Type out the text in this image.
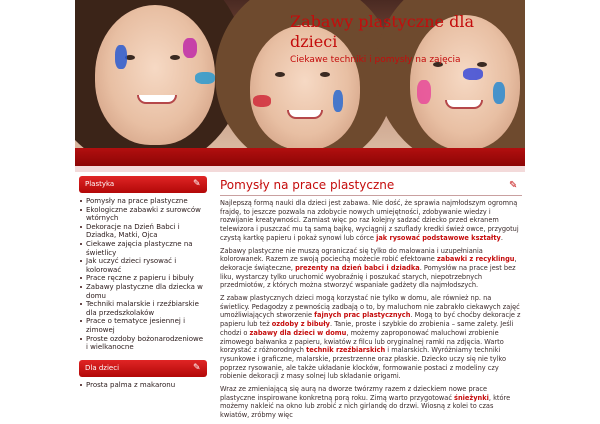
Zabawy plastyczne dla dzieci

Ciekawe techniki i pomysły na zajęcia

Plastyka	✎
Pomysły na prace plastyczne
Ekologiczne zabawki z surowców wtórnych
Dekoracje na Dzień Babci i Dziadka, Matki, Ojca
Ciekawe zajęcia plastyczne na świetlicy
Jak uczyć dzieci rysować i kolorować
Prace ręczne z papieru i bibuły
Zabawy plastyczne dla dziecka w domu
Techniki malarskie i rzeźbiarskie dla przedszkolaków
Prace o tematyce jesiennej i zimowej
Proste ozdoby bożonarodzeniowe i wielkanocne
Dla dzieci	✎
Prosta palma z makaronu
Pomysły na prace plastyczne	✎

Najlepszą formą nauki dla dzieci jest zabawa. Nie dość, że sprawia najmłodszym ogromną frajdę, to jeszcze pozwala na zdobycie nowych umiejętności, zdobywanie wiedzy i rozwijanie kreatywności. Zamiast więc po raz kolejny sadzać dziecko przed ekranem telewizora i puszczać mu tą samą bajkę, wyciągnij z szuflady kredki śwież owce, przygotuj czystą kartkę papieru i pokaż synowi lub córce jak rysować podstawowe kształty.

Zabawy plastyczne nie muszą ograniczać się tylko do malowania i uzupełniania kolorowanek. Razem ze swoją pociechą możecie robić efektowne zabawki z recyklingu, dekoracje świąteczne, prezenty na dzień babci i dziadka. Pomysłów na prace jest bez liku, wystarczy tylko uruchomić wyobraźnię i poszukać starych, niepotrzebnych przedmiotów, z których można stworzyć wspaniałe gadżety dla najmłodszych.

Z zabaw plastycznych dzieci mogą korzystać nie tylko w domu, ale również np. na świetlicy. Pedagodzy z pewnością zadbają o to, by maluchom nie zabrakło ciekawych zajęć umożliwiających stworzenie fajnych prac plastycznych. Mogą to być choćby dekoracje z papieru lub też ozdoby z bibuły. Tanie, proste i szybkie do zrobienia – same zalety. Jeśli chodzi o zabawy dla dzieci w domu, możemy zaproponować maluchowi zrobienie zimowego bałwanka z papieru, kwiatów z filcu lub oryginalnej ramki na zdjęcia. Warto korzystać z różnorodnych technik rzeźbiarskich i malarskich. Wyróżniamy techniki rysunkowe i graficzne, malarskie, przestrzenne oraz płaskie. Dziecko uczy się nie tylko poprzez rysowanie, ale także układanie klocków, formowanie postaci z modeliny czy robienie dekoracji z masy solnej lub składanie origami.

Wraz ze zmieniającą się aurą na dworze twórzmy razem z dzieckiem nowe prace plastyczne inspirowane konkretną porą roku. Zimą warto przygotować śnieżynki, które możemy nakleić na okno lub zrobić z nich girlandę do drzwi. Wiosną z kolei to czas kwiatów, zróbmy więc
